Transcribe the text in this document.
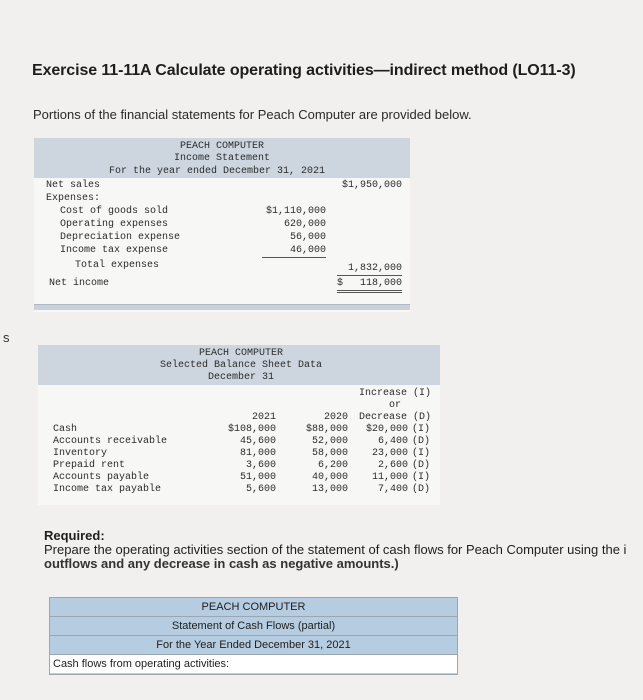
s
Exercise 11-11A Calculate operating activities—indirect method (LO11-3)
Portions of the financial statements for Peach Computer are provided below.
PEACH COMPUTER
Income Statement
For the year ended December 31, 2021
Net sales	$1,950,000
Expenses:
Cost of goods sold	$1,110,000
Operating expenses	620,000
Depreciation expense	56,000
Income tax expense	46,000
Total expenses	1,832,000
Net income	$ 118,000
PEACH COMPUTER
Selected Balance Sheet Data
December 31
Increase (I)
or
Decrease (D)
2021	2020
Cash	$108,000	$88,000	$20,000 (I)
Accounts receivable	45,600	52,000	6,400 (D)
Inventory	81,000	58,000	23,000 (I)
Prepaid rent	3,600	6,200	2,600 (D)
Accounts payable	51,000	40,000	11,000 (I)
Income tax payable	5,600	13,000	7,400 (D)
Required:
Prepare the operating activities section of the statement of cash flows for Peach Computer using the i
outflows and any decrease in cash as negative amounts.)
PEACH COMPUTER
Statement of Cash Flows (partial)
For the Year Ended December 31, 2021
Cash flows from operating activities:
